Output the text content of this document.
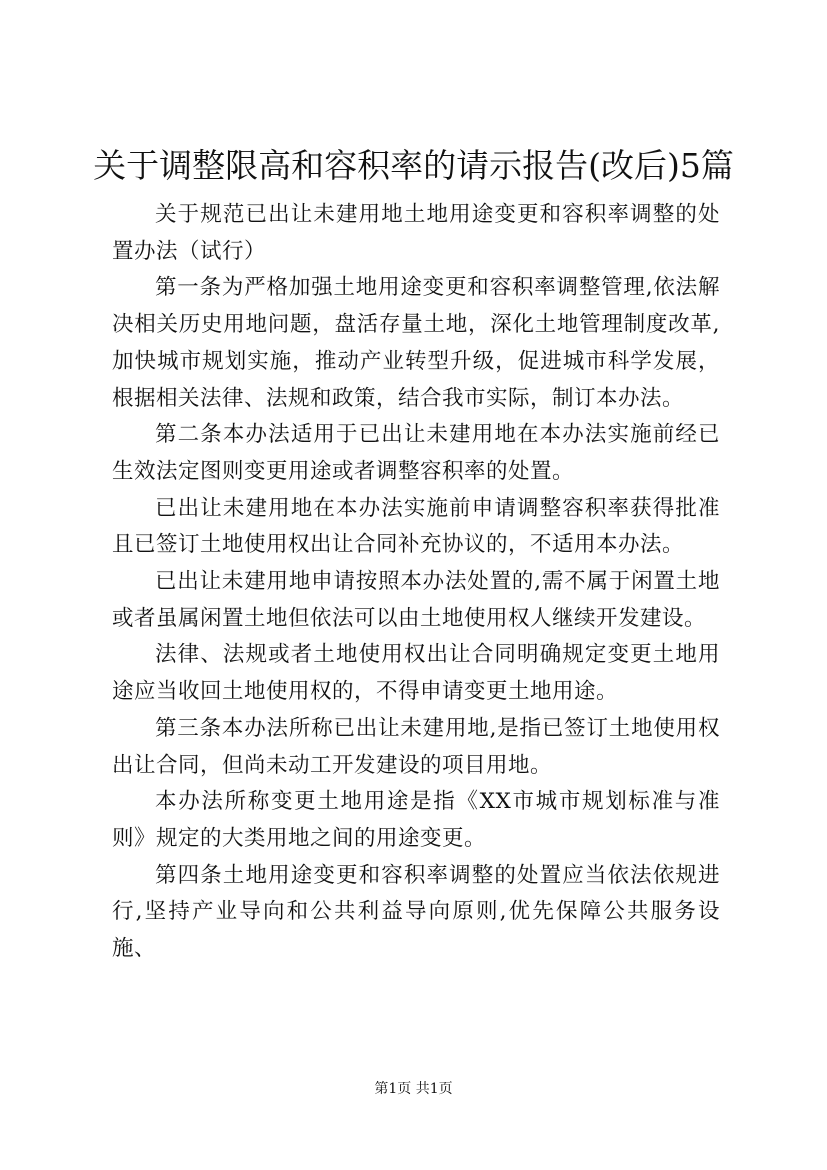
关于调整限高和容积率的请示报告(改后)5篇

关于规范已出让未建用地土地用途变更和容积率调整的处置办法（试行）

第一条为严格加强土地用途变更和容积率调整管理,依法解决相关历史用地问题，盘活存量土地，深化土地管理制度改革,加快城市规划实施，推动产业转型升级，促进城市科学发展，根据相关法律、法规和政策，结合我市实际，制订本办法。

第二条本办法适用于已出让未建用地在本办法实施前经已生效法定图则变更用途或者调整容积率的处置。

已出让未建用地在本办法实施前申请调整容积率获得批准且已签订土地使用权出让合同补充协议的，不适用本办法。

已出让未建用地申请按照本办法处置的,需不属于闲置土地或者虽属闲置土地但依法可以由土地使用权人继续开发建设。

法律、法规或者土地使用权出让合同明确规定变更土地用途应当收回土地使用权的，不得申请变更土地用途。

第三条本办法所称已出让未建用地,是指已签订土地使用权出让合同，但尚未动工开发建设的项目用地。

本办法所称变更土地用途是指《XX市城市规划标准与准则》规定的大类用地之间的用途变更。

第四条土地用途变更和容积率调整的处置应当依法依规进行,坚持产业导向和公共利益导向原则,优先保障公共服务设施、

第1页 共1页
